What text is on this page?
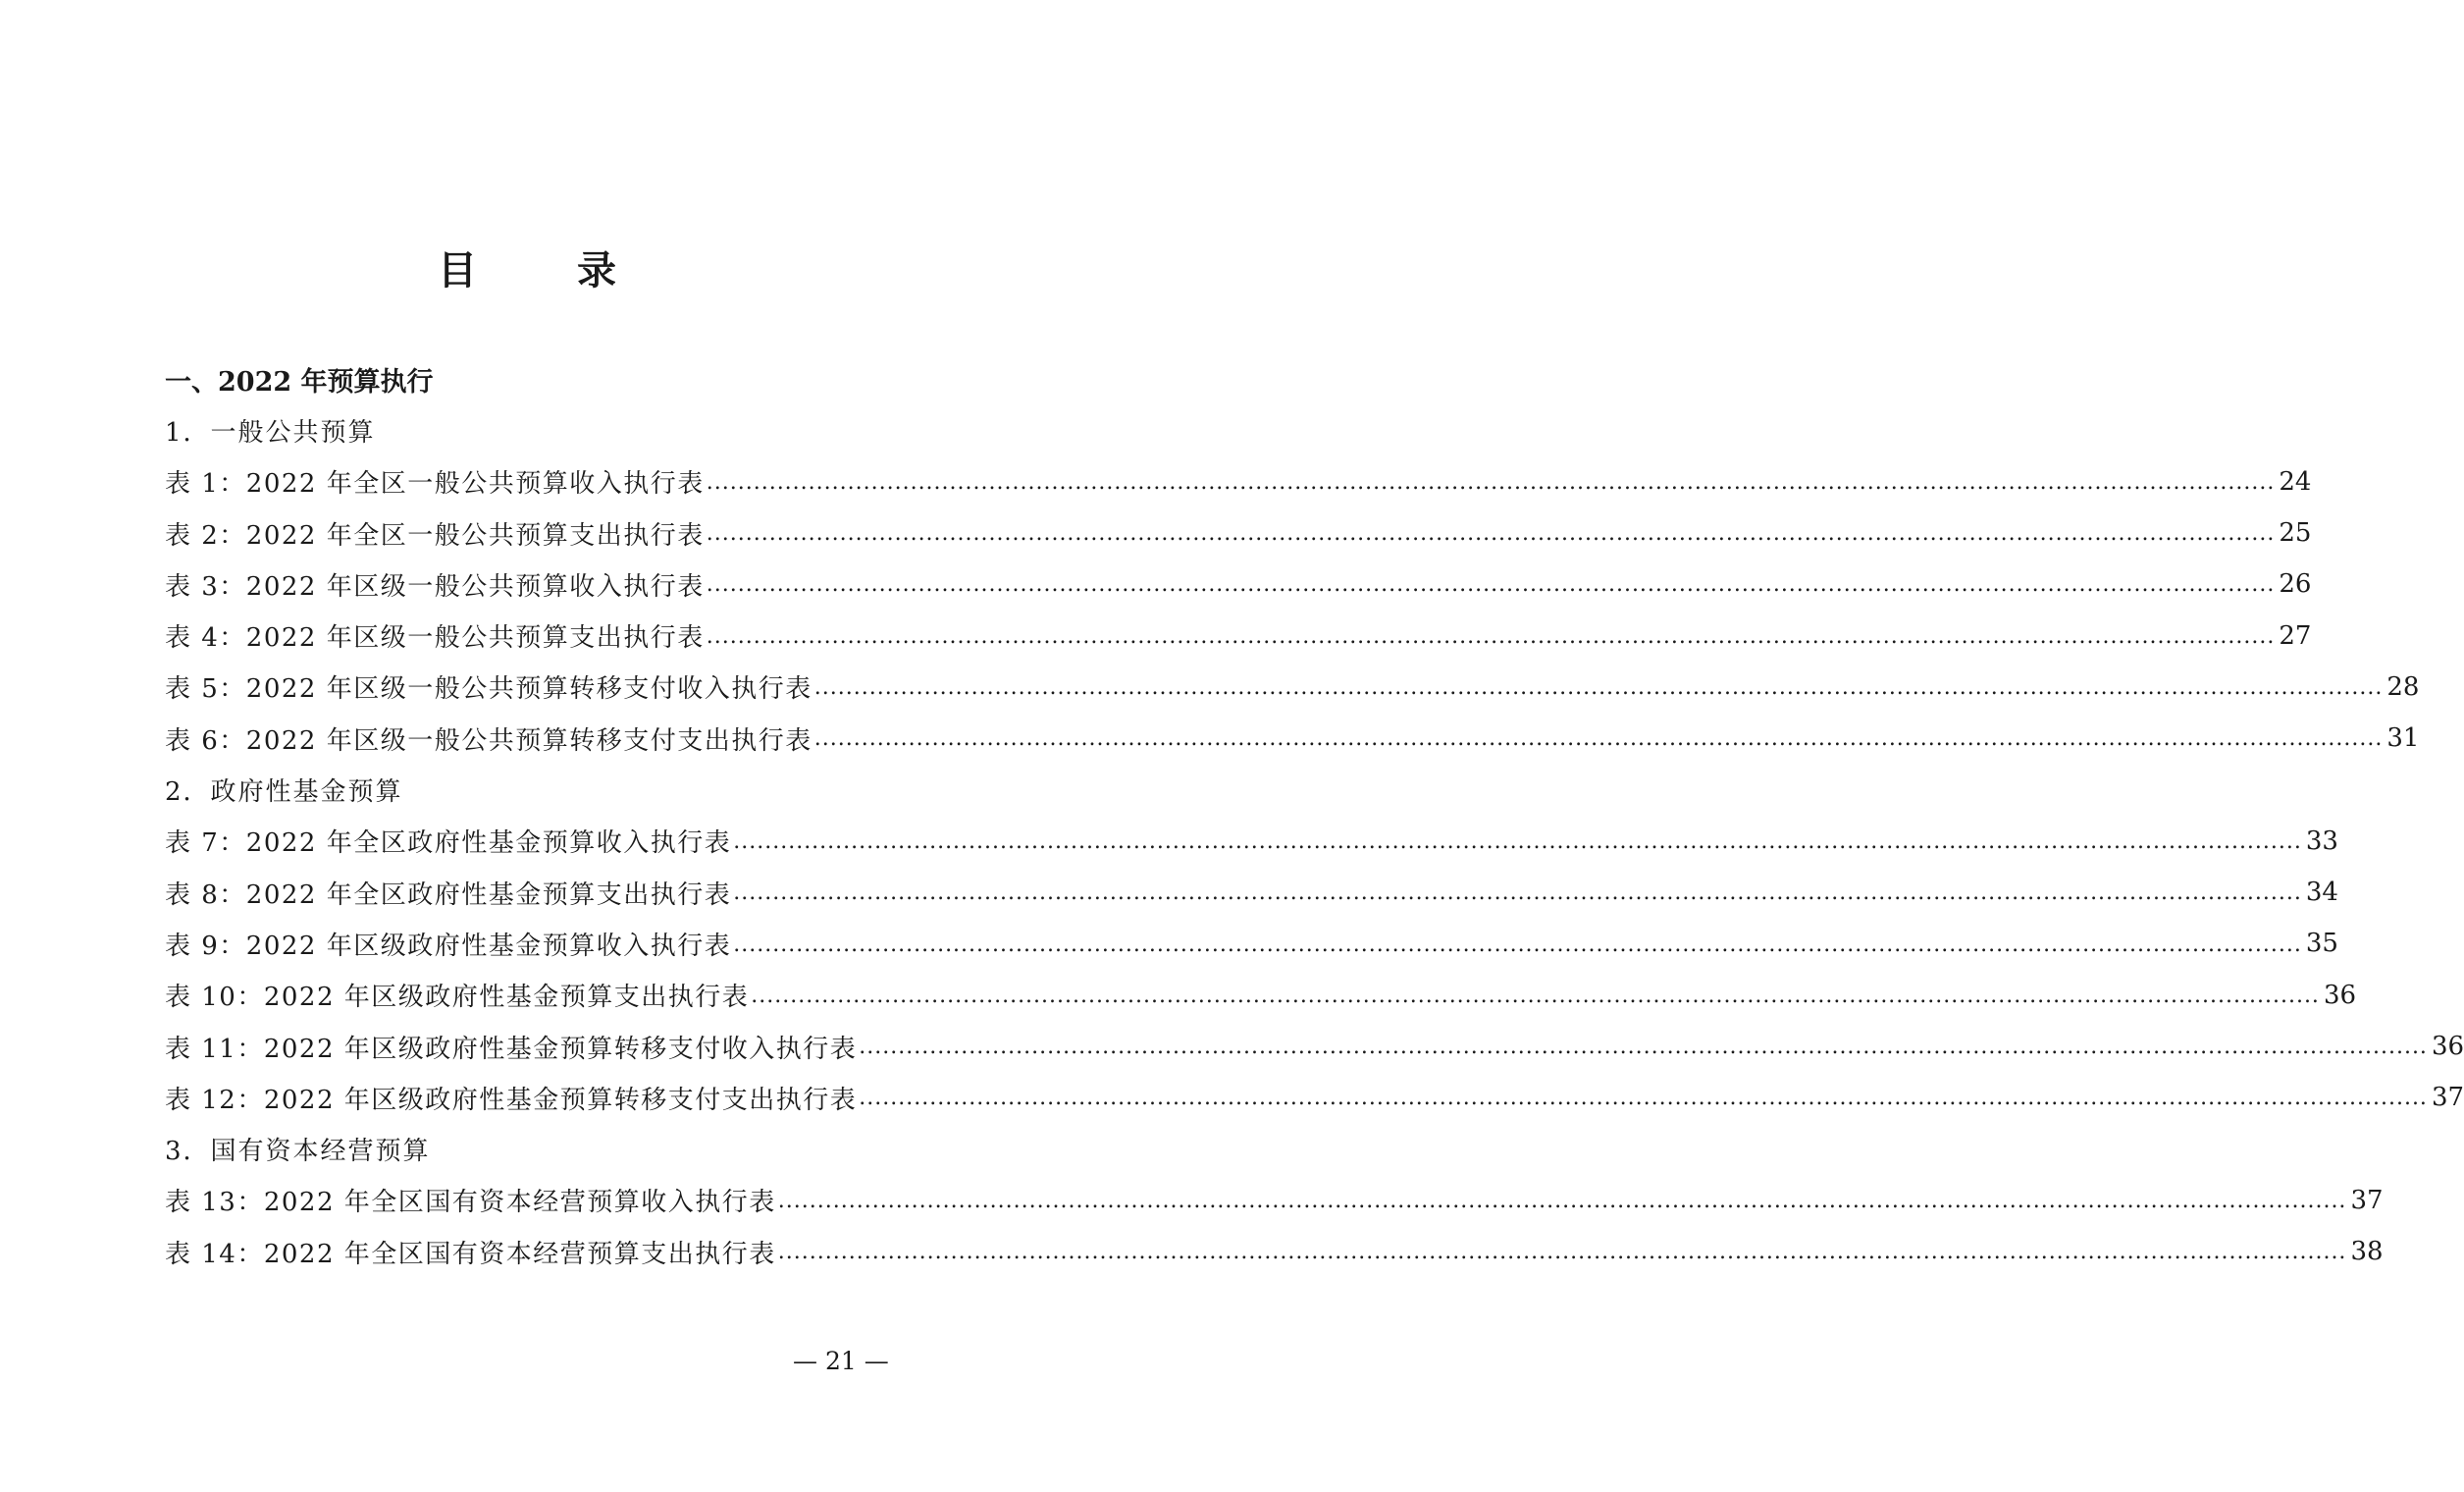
目 录
一、2022 年预算执行
1．一般公共预算
表 1：2022 年全区一般公共预算收入执行表 ........................................................................................................................................................................................................ 24
表 2：2022 年全区一般公共预算支出执行表 ........................................................................................................................................................................................................ 25
表 3：2022 年区级一般公共预算收入执行表 ........................................................................................................................................................................................................ 26
表 4：2022 年区级一般公共预算支出执行表 ........................................................................................................................................................................................................ 27
表 5：2022 年区级一般公共预算转移支付收入执行表 ........................................................................................................................................................................................................ 28
表 6：2022 年区级一般公共预算转移支付支出执行表 ........................................................................................................................................................................................................ 31
2．政府性基金预算
表 7：2022 年全区政府性基金预算收入执行表 ........................................................................................................................................................................................................ 33
表 8：2022 年全区政府性基金预算支出执行表 ........................................................................................................................................................................................................ 34
表 9：2022 年区级政府性基金预算收入执行表 ........................................................................................................................................................................................................ 35
表 10：2022 年区级政府性基金预算支出执行表 ........................................................................................................................................................................................................ 36
表 11：2022 年区级政府性基金预算转移支付收入执行表 ........................................................................................................................................................................................................ 36
表 12：2022 年区级政府性基金预算转移支付支出执行表 ........................................................................................................................................................................................................ 37
3．国有资本经营预算
表 13：2022 年全区国有资本经营预算收入执行表 ........................................................................................................................................................................................................ 37
表 14：2022 年全区国有资本经营预算支出执行表 ........................................................................................................................................................................................................ 38
— 21 —
